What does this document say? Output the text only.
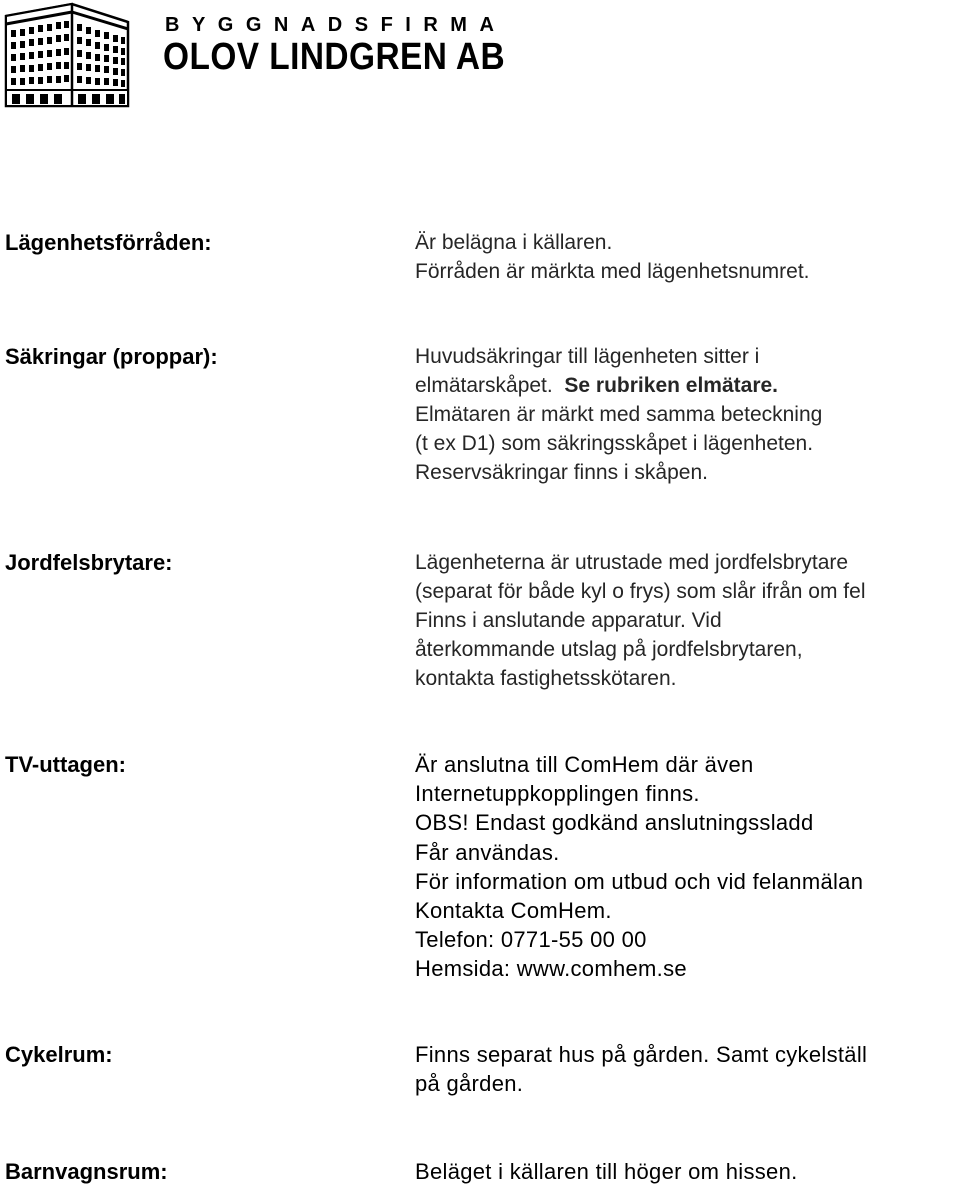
BYGGNADSFIRMA
OLOV LINDGREN AB
Lägenhetsförråden:	Är belägna i källaren.
Förråden är märkta med lägenhetsnumret.
Säkringar (proppar):	Huvudsäkringar till lägenheten sitter i
elmätarskåpet. Se rubriken elmätare.
Elmätaren är märkt med samma beteckning
(t ex D1) som säkringsskåpet i lägenheten.
Reservsäkringar finns i skåpen.
Jordfelsbrytare:	Lägenheterna är utrustade med jordfelsbrytare
(separat för både kyl o frys) som slår ifrån om fel
Finns i anslutande apparatur. Vid
återkommande utslag på jordfelsbrytaren,
kontakta fastighetsskötaren.
TV-uttagen:	Är anslutna till ComHem där även
Internetuppkopplingen finns.
OBS! Endast godkänd anslutningssladd
Får användas.
För information om utbud och vid felanmälan
Kontakta ComHem.
Telefon: 0771-55 00 00
Hemsida: www.comhem.se
Cykelrum:	Finns separat hus på gården. Samt cykelställ
på gården.
Barnvagnsrum:	Beläget i källaren till höger om hissen.
